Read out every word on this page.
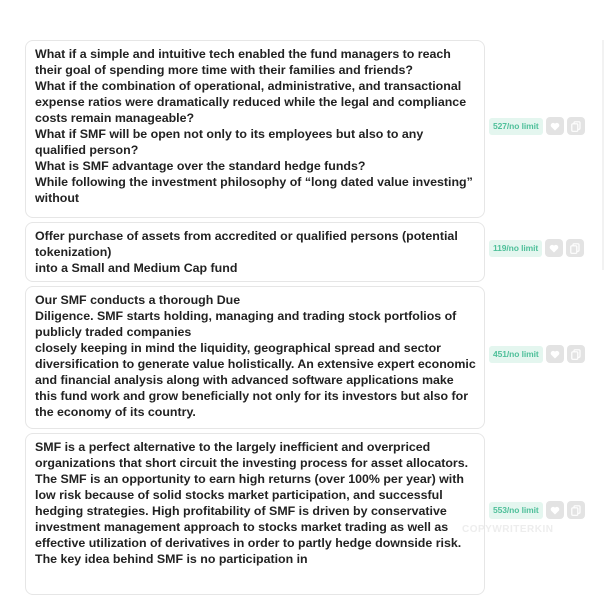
What if a simple and intuitive tech enabled the fund managers to reach their goal of spending more time with their families and friends?
What if the combination of operational, administrative, and transactional expense ratios were dramatically reduced while the legal and compliance costs remain manageable?
What if SMF will be open not only to its employees but also to any qualified person?
What is SMF advantage over the standard hedge funds?
While following the investment philosophy of “long dated value investing” without

527/no limit

Offer purchase of assets from accredited or qualified persons (potential tokenization)
into a Small and Medium Cap fund

119/no limit

Our SMF conducts a thorough Due
Diligence. SMF starts holding, managing and trading stock portfolios of publicly traded companies
closely keeping in mind the liquidity, geographical spread and sector diversification to generate value holistically. An extensive expert economic and financial analysis along with advanced software applications make this fund work and grow beneficially not only for its investors but also for the economy of its country.

451/no limit

SMF is a perfect alternative to the largely inefficient and overpriced organizations that short circuit the investing process for asset allocators. The SMF is an opportunity to earn high returns (over 100% per year) with low risk because of solid stocks market participation, and successful hedging strategies. High profitability of SMF is driven by conservative investment management approach to stocks market trading as well as effective utilization of derivatives in order to partly hedge downside risk. The key idea behind SMF is no participation in

553/no limit
COPYWRITERKIN
